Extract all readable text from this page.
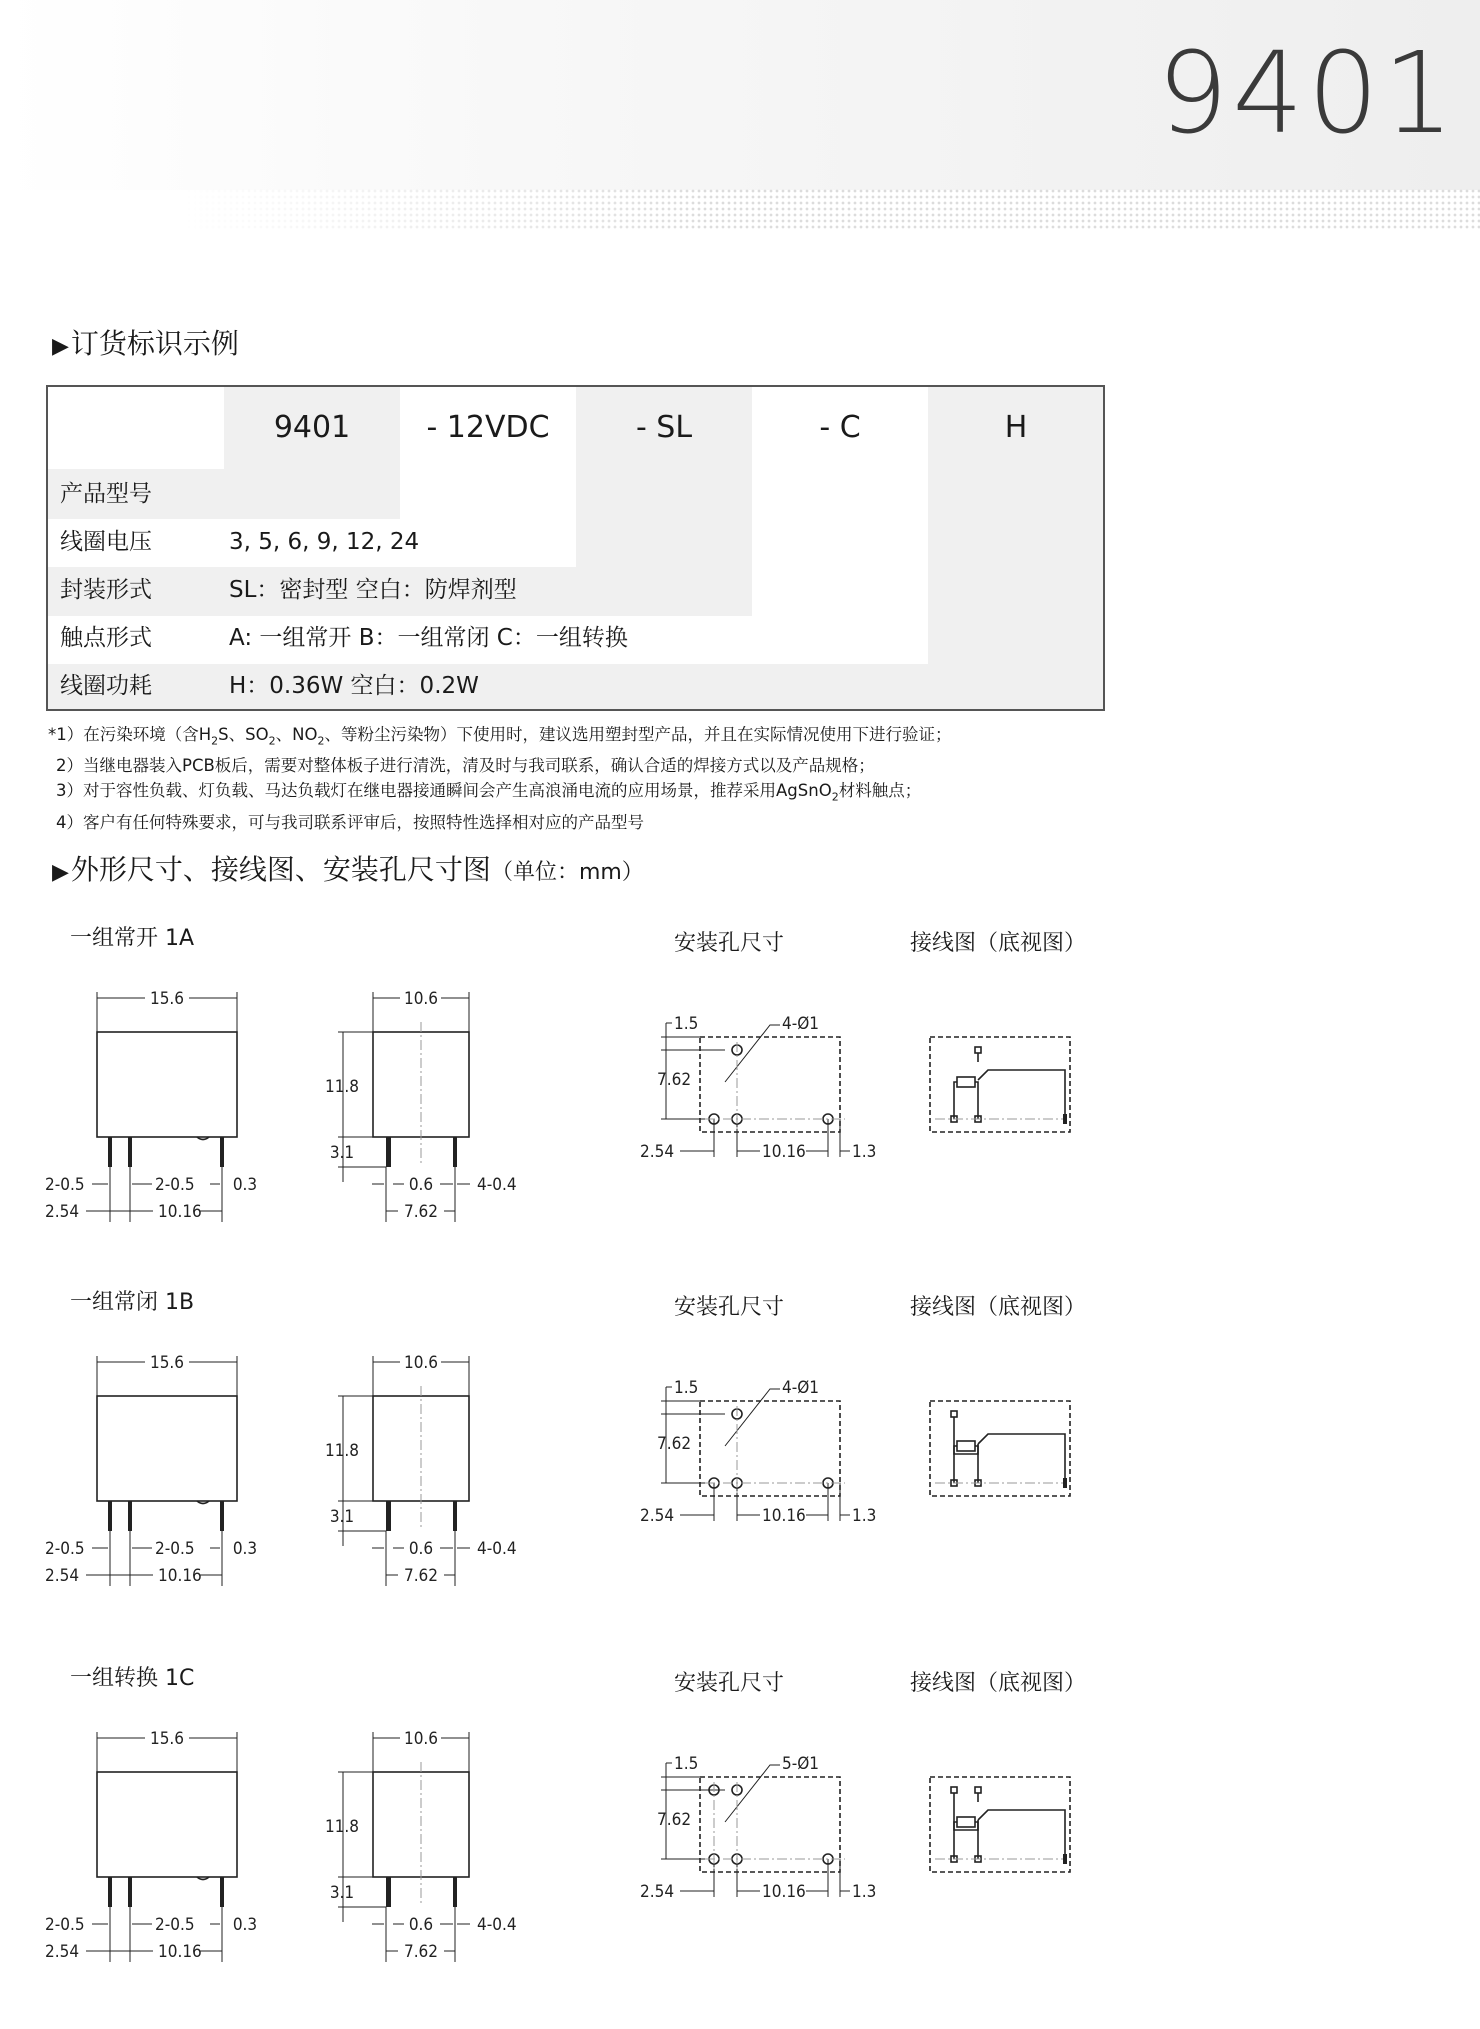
9401
▶订货标识示例
9401	- 12VDC	- SL	- C	H
产品型号
线圈电压	3, 5, 6, 9, 12, 24
封装形式	SL：密封型 空白：防焊剂型
触点形式	A: 一组常开 B：一组常闭 C：一组转换
线圈功耗	H：0.36W 空白：0.2W
*1）在污染环境（含$H_2S$、$SO_2$、$NO_2$、等粉尘污染物）下使用时，建议选用塑封型产品，并且在实际情况使用下进行验证；
2）当继电器装入PCB板后，需要对整体板子进行清洗，清及时与我司联系，确认合适的焊接方式以及产品规格；
3）对于容性负载、灯负载、马达负载灯在继电器接通瞬间会产生高浪涌电流的应用场景，推荐采用AgSnO$_2$材料触点；
4）客户有任何特殊要求，可与我司联系评审后，按照特性选择相对应的产品型号
▶外形尺寸、接线图、安装孔尺寸图（单位：mm）
一组常开 1A	安装孔尺寸	接线图（底视图）
一组常闭 1B	安装孔尺寸	接线图（底视图）
一组转换 1C	安装孔尺寸	接线图（底视图）
15.6
2-0.5	2-0.5 0.3
2.54	10.16
10.6
11.8
3.1
0.6	4-0.4
7.62
1.5
7.62
4-Ø1
2.54	10.16	1.3
15.6
2-0.5	2-0.5 0.3
2.54	10.16
10.6
11.8
3.1
0.6	4-0.4
7.62
1.5
7.62
4-Ø1
2.54	10.16	1.3
15.6
2-0.5	2-0.5 0.3
2.54	10.16
10.6
11.8
3.1
0.6	4-0.4
7.62
1.5
7.62
5-Ø1
2.54	10.16	1.3
